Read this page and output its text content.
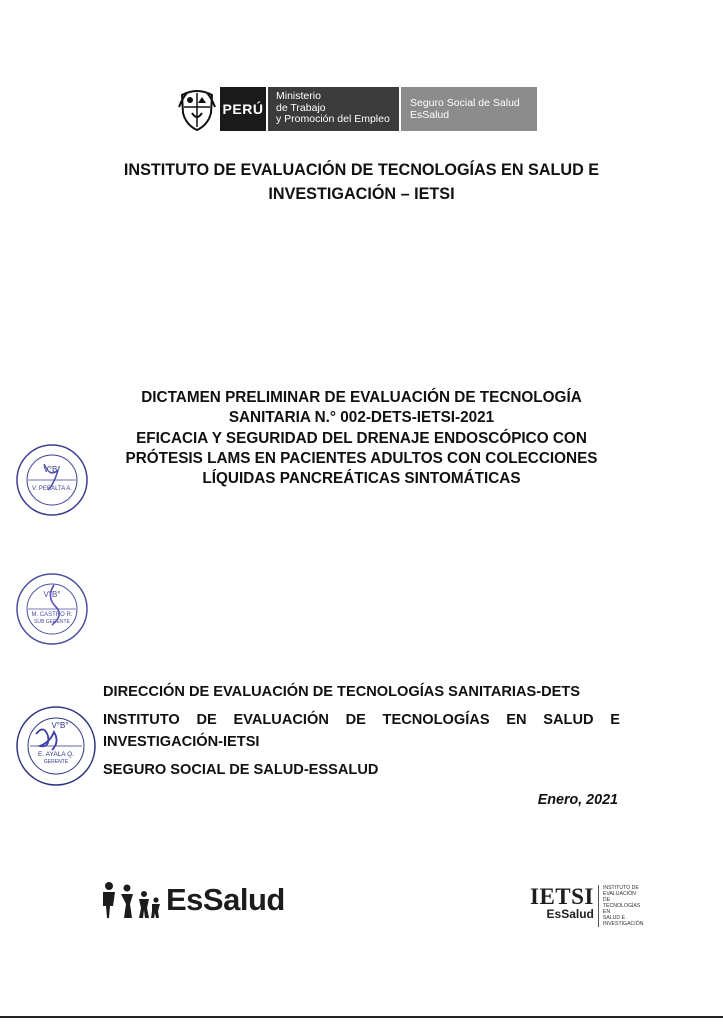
PERÚ
Ministerio
de Trabajo
y Promoción del Empleo
Seguro Social de Salud
EsSalud
INSTITUTO DE EVALUACIÓN DE TECNOLOGÍAS EN SALUD E
INVESTIGACIÓN – IETSI
DICTAMEN PRELIMINAR DE EVALUACIÓN DE TECNOLOGÍA
SANITARIA N.° 002-DETS-IETSI-2021
EFICACIA Y SEGURIDAD DEL DRENAJE ENDOSCÓPICO CON
PRÓTESIS LAMS EN PACIENTES ADULTOS CON COLECCIONES
LÍQUIDAS PANCREÁTICAS SINTOMÁTICAS
V°B°
V. PERALTA A.
V°B°
M. CASTRO R.
SUB GERENTE
V°B°
E. AYALA Q.
GERENTE
DIRECCIÓN DE EVALUACIÓN DE TECNOLOGÍAS SANITARIAS-DETS
INSTITUTO DE EVALUACIÓN DE TECNOLOGÍAS EN SALUD E
INVESTIGACIÓN-IETSI
SEGURO SOCIAL DE SALUD-ESSALUD
Enero, 2021
EsSalud	IETSI
EsSalud
INSTITUTO DE
EVALUACIÓN DE
TECNOLOGÍAS EN
SALUD E
INVESTIGACIÓN
